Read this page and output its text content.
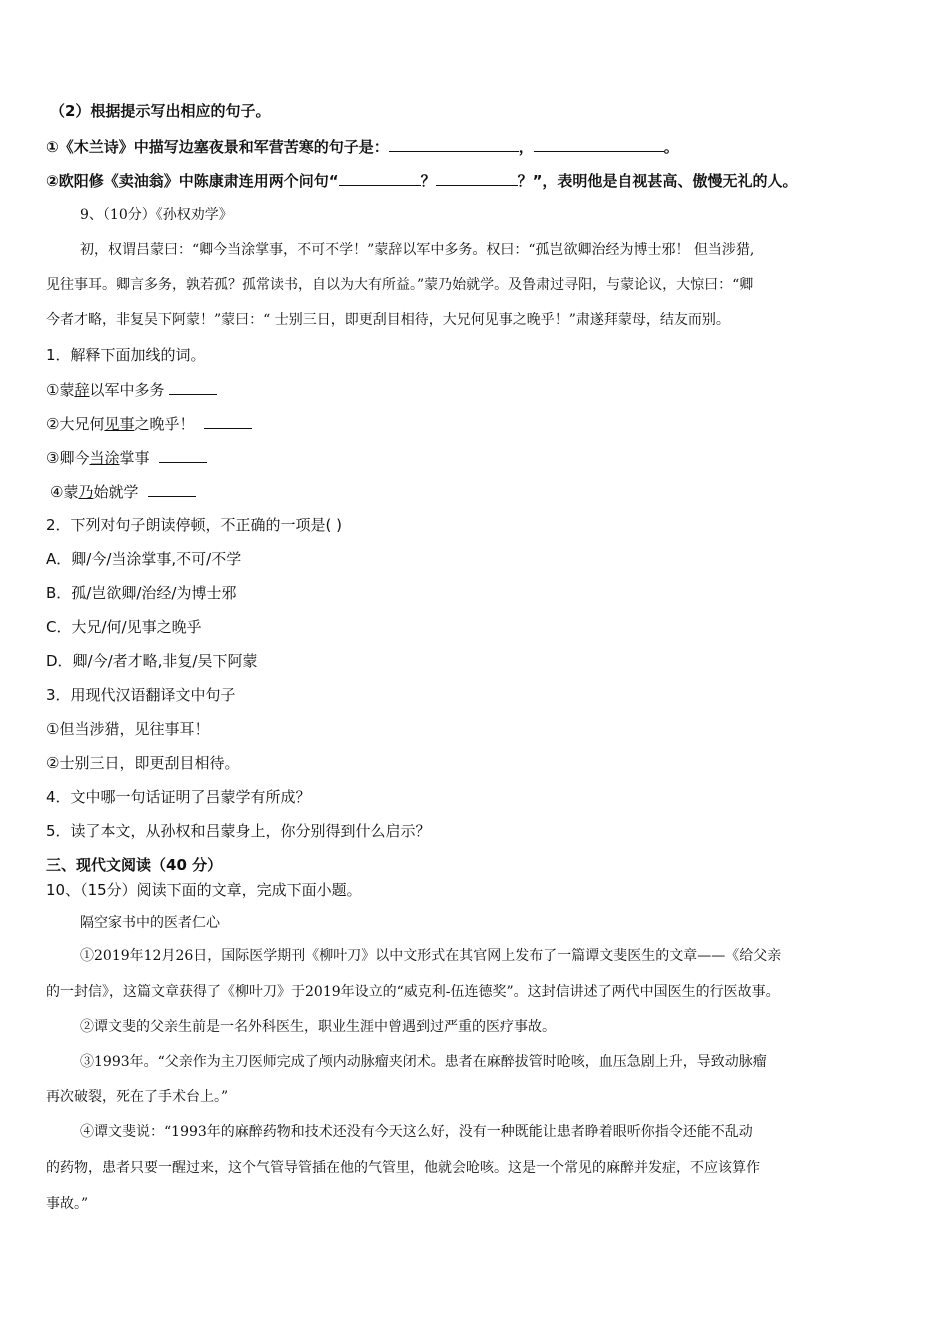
（2）根据提示写出相应的句子。
①《木兰诗》中描写边塞夜景和军营苦寒的句子是：	，	。
②欧阳修《卖油翁》中陈康肃连用两个问句“	？	？”，表明他是自视甚高、傲慢无礼的人。
9、（10分）《孙权劝学》
初，权谓吕蒙曰：“卿今当涂掌事，不可不学！”蒙辞以军中多务。权曰：“孤岂欲卿治经为博士邪！ 但当涉猎,
见往事耳。卿言多务，孰若孤？孤常读书，自以为大有所益。”蒙乃始就学。及鲁肃过寻阳，与蒙论议，大惊曰：“卿
今者才略，非复吴下阿蒙！”蒙曰：“ 士别三日，即更刮目相待，大兄何见事之晚乎！”肃遂拜蒙母，结友而别。
1．解释下面加线的词。
①蒙辞以军中多务
②大兄何见事之晚乎！
③卿今当涂掌事
④蒙乃始就学
2．下列对句子朗读停顿，不正确的一项是( )
A．卿/今/当涂掌事,不可/不学
B．孤/岂欲卿/治经/为博士邪
C．大兄/何/见事之晚乎
D．卿/今/者才略,非复/吴下阿蒙
3．用现代汉语翻译文中句子
①但当涉猎，见往事耳！
②士别三日，即更刮目相待。
4．文中哪一句话证明了吕蒙学有所成？
5．读了本文，从孙权和吕蒙身上，你分别得到什么启示？
三、现代文阅读（40 分）
10、（15分）阅读下面的文章，完成下面小题。
隔空家书中的医者仁心
①2019年12月26日，国际医学期刊《柳叶刀》以中文形式在其官网上发布了一篇谭文斐医生的文章——《给父亲
的一封信》，这篇文章获得了《柳叶刀》于2019年设立的“威克利-伍连德奖”。这封信讲述了两代中国医生的行医故事。
②谭文斐的父亲生前是一名外科医生，职业生涯中曾遇到过严重的医疗事故。
③1993年。“父亲作为主刀医师完成了颅内动脉瘤夹闭术。患者在麻醉拔管时呛咳，血压急剧上升，导致动脉瘤
再次破裂，死在了手术台上。”
④谭文斐说：“1993年的麻醉药物和技术还没有今天这么好，没有一种既能让患者睁着眼听你指令还能不乱动
的药物，患者只要一醒过来，这个气管导管插在他的气管里，他就会呛咳。这是一个常见的麻醉并发症，不应该算作
事故。”
